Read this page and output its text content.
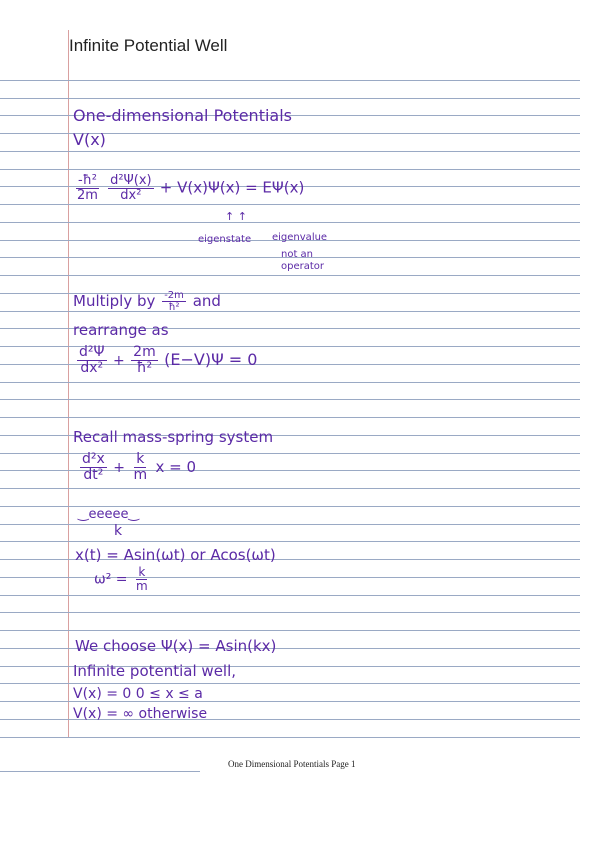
Infinite Potential Well
One-dimensional Potentials
V(x)
$\frac{\text{-ħ²}}{2m}$
$\frac{\text{d²Ψ(x)}}{\text{dx²}} + V(x)\Psi(x) = E\Psi(x)$
↑ ↑
eigenstate eigenvalue
not an
operator
Multiply by $\frac{-2m}{\text{ħ²}}$ and
rearrange as
$\frac{\text{d²Ψ}}{\text{dx²}} + \frac{2m}{\text{ħ²}} (E-V)\Psi = 0$
Recall mass-spring system
$\frac{\text{d²x}}{\text{dt²}} + \frac{k}{m}$ x = 0
‿eeeee‿
k
x(t) = Asin(ωt) or Acos(ωt)
$\omega^2 = \frac{k}{m}$
We choose Ψ(x) = Asin(kx)
Infinite potential well,
V(x) = 0 0 ≤ x ≤ a
V(x) = ∞ otherwise
One Dimensional Potentials Page 1
